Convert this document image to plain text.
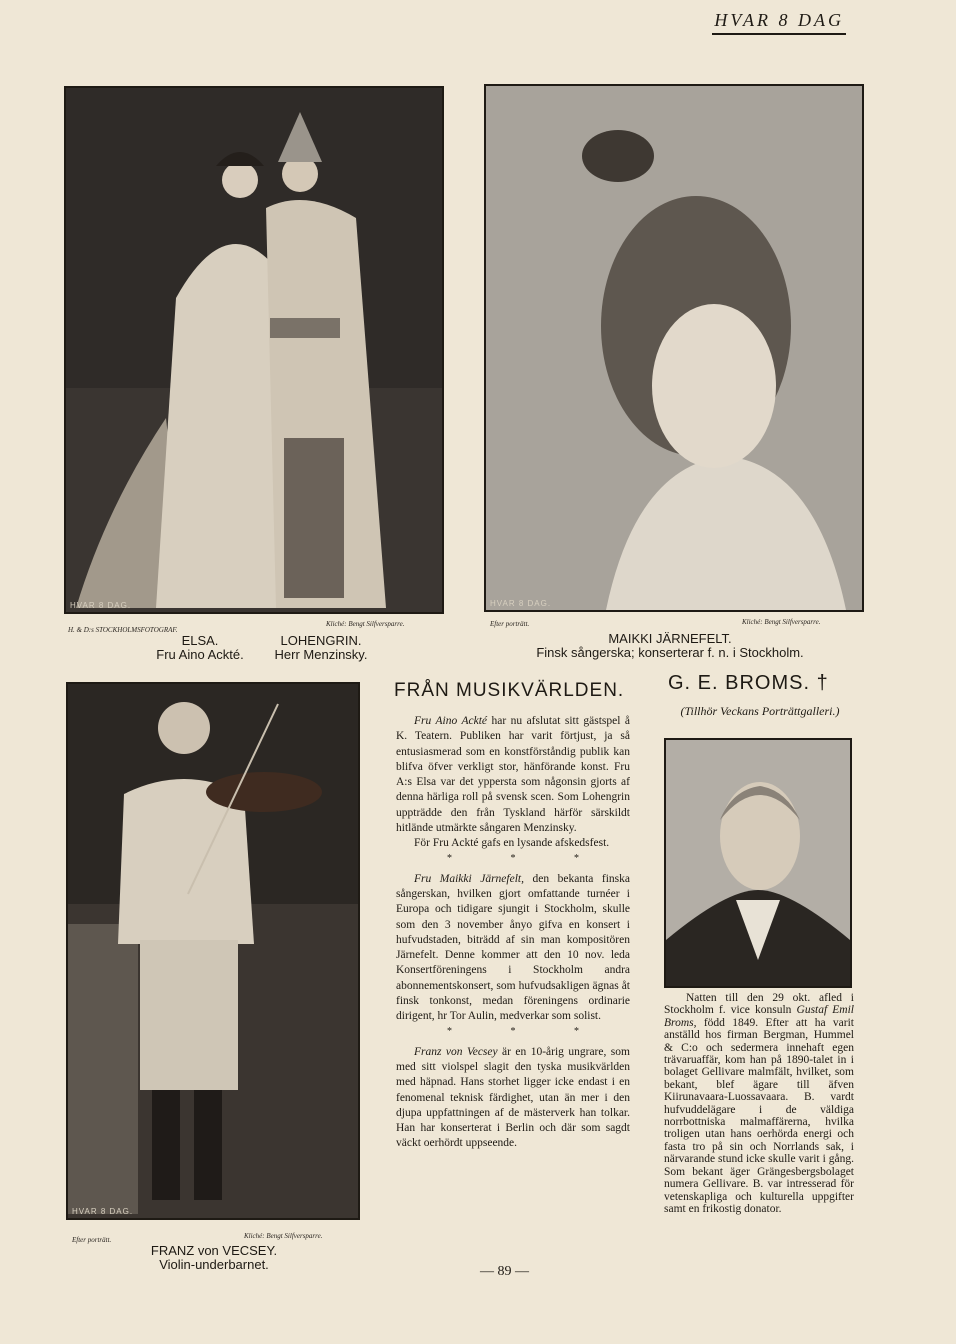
HVAR 8 DAG
HVAR 8 DAG.
H. & D:s STOCKHOLMSFOTOGRAF.
Kliché: Bengt Silfversparre.
ELSA.
Fru Aino Ackté.
LOHENGRIN.
Herr Menzinsky.
HVAR 8 DAG.
Efter porträtt.	Kliché: Bengt Silfversparre.
MAIKKI JÄRNEFELT.
Finsk sångerska; konserterar f. n. i Stockholm.
HVAR 8 DAG.
Efter porträtt.	Kliché: Bengt Silfversparre.
FRANZ von VECSEY.
Violin-underbarnet.
FRÅN MUSIKVÄRLDEN.

Fru Aino Ackté har nu afslutat sitt gästspel å K. Teatern. Publiken har varit förtjust, ja så entusiasmerad som en konstförståndig publik kan blifva öfver verkligt stor, hänförande konst. Fru A:s Elsa var det yppersta som någonsin gjorts af denna härliga roll på svensk scen. Som Lohengrin uppträdde den från Tyskland härför särskildt hitlände utmärkte sångaren Menzinsky.

För Fru Ackté gafs en lysande afskedsfest.

* * *

Fru Maikki Järnefelt, den bekanta finska sångerskan, hvilken gjort omfattande turnéer i Europa och tidigare sjungit i Stockholm, skulle som den 3 november ånyo gifva en konsert i hufvudstaden, biträdd af sin man kompositören Järnefelt. Denne kommer att den 10 nov. leda Konsertföreningens i Stockholm andra abonnementskonsert, som hufvudsakligen ägnas åt finsk tonkonst, medan föreningens ordinarie dirigent, hr Tor Aulin, medverkar som solist.

* * *

Franz von Vecsey är en 10-årig ungrare, som med sitt violspel slagit den tyska musikvärlden med häpnad. Hans storhet ligger icke endast i en fenomenal teknisk färdighet, utan än mer i den djupa uppfattningen af de mästerverk han tolkar. Han har konserterat i Berlin och där som sagdt väckt oerhördt uppseende.

G. E. BROMS. †
(Tillhör Veckans Porträttgalleri.)

Natten till den 29 okt. afled i Stockholm f. vice konsuln Gustaf Emil Broms, född 1849. Efter att ha varit anställd hos firman Bergman, Hummel & C:o och sedermera innehaft egen trävaruaffär, kom han på 1890-talet in i bolaget Gellivare malmfält, hvilket, som bekant, blef ägare till äfven Kiirunavaara-Luossavaara. B. vardt hufvuddelägare i de väldiga norrbottniska malmaffärerna, hvilka troligen utan hans oerhörda energi och fasta tro på sin och Norrlands sak, i närvarande stund icke skulle varit i gång. Som bekant äger Grängesbergsbolaget numera Gellivare. B. var intresserad för vetenskapliga och kulturella uppgifter samt en frikostig donator.

— 89 —
